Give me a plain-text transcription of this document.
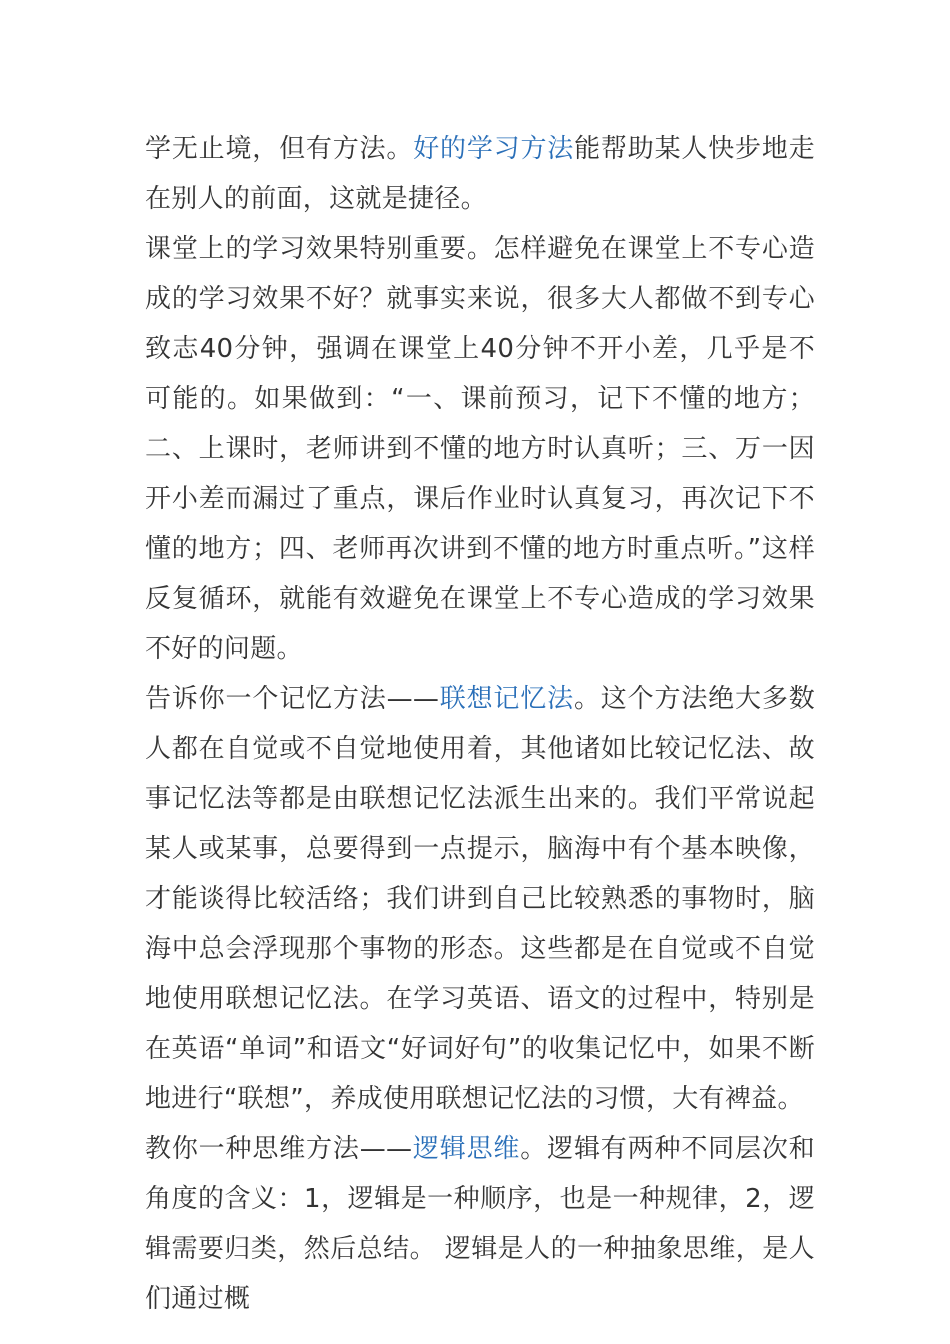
学无止境，但有方法。好的学习方法能帮助某人快步地走在别人的前面，这就是捷径。

课堂上的学习效果特别重要。怎样避免在课堂上不专心造成的学习效果不好？就事实来说，很多大人都做不到专心致志40分钟，强调在课堂上40分钟不开小差，几乎是不可能的。如果做到：“一、课前预习，记下不懂的地方；二、上课时，老师讲到不懂的地方时认真听；三、万一因开小差而漏过了重点，课后作业时认真复习，再次记下不懂的地方；四、老师再次讲到不懂的地方时重点听。”这样反复循环，就能有效避免在课堂上不专心造成的学习效果不好的问题。

告诉你一个记忆方法——联想记忆法。这个方法绝大多数人都在自觉或不自觉地使用着，其他诸如比较记忆法、故事记忆法等都是由联想记忆法派生出来的。我们平常说起某人或某事，总要得到一点提示，脑海中有个基本映像，才能谈得比较活络；我们讲到自己比较熟悉的事物时，脑海中总会浮现那个事物的形态。这些都是在自觉或不自觉地使用联想记忆法。在学习英语、语文的过程中，特别是在英语“单词”和语文“好词好句”的收集记忆中，如果不断地进行“联想”，养成使用联想记忆法的习惯，大有裨益。

教你一种思维方法——逻辑思维。逻辑有两种不同层次和角度的含义：1，逻辑是一种顺序，也是一种规律，2，逻辑需要归类，然后总结。 逻辑是人的一种抽象思维，是人们通过概
